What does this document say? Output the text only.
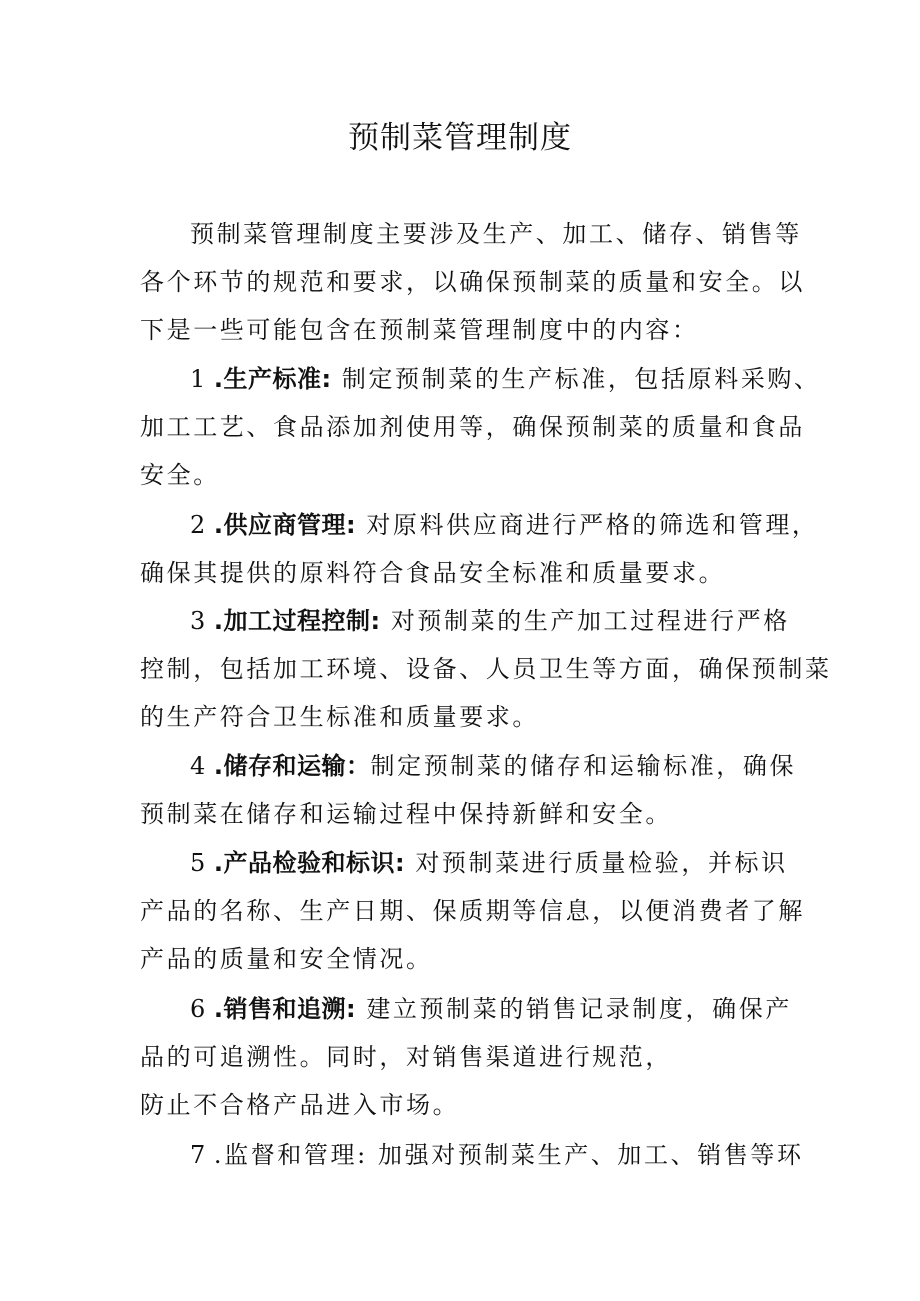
预制菜管理制度
预制菜管理制度主要涉及生产、加工、储存、销售等
各个环节的规范和要求，以确保预制菜的质量和安全。以
下是一些可能包含在预制菜管理制度中的内容：
1 .生产标准: 制定预制菜的生产标准，包括原料采购、
加工工艺、食品添加剂使用等，确保预制菜的质量和食品
安全。
2 .供应商管理: 对原料供应商进行严格的筛选和管理，
确保其提供的原料符合食品安全标准和质量要求。
3 .加工过程控制: 对预制菜的生产加工过程进行严格
控制，包括加工环境、设备、人员卫生等方面，确保预制菜
的生产符合卫生标准和质量要求。
4 .储存和运输：制定预制菜的储存和运输标准，确保
预制菜在储存和运输过程中保持新鲜和安全。
5 .产品检验和标识: 对预制菜进行质量检验，并标识
产品的名称、生产日期、保质期等信息，以便消费者了解
产品的质量和安全情况。
6 .销售和追溯: 建立预制菜的销售记录制度，确保产
品的可追溯性。同时，对销售渠道进行规范，
防止不合格产品进入市场。
7 .监督和管理: 加强对预制菜生产、加工、销售等环
